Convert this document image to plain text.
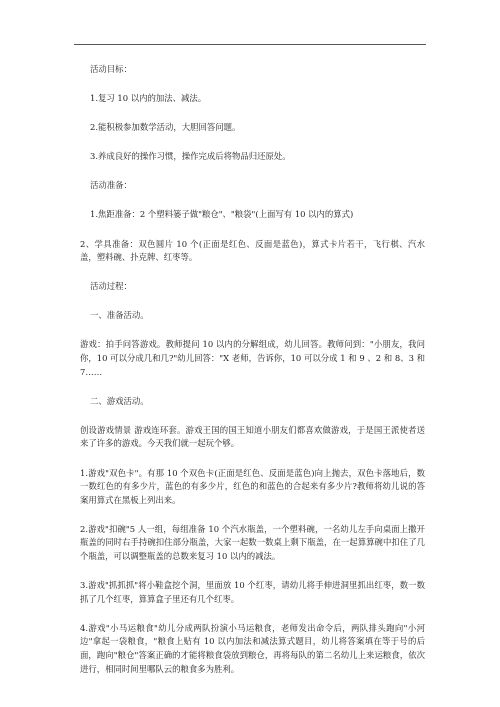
活动目标：

1.复习 10 以内的加法、减法。

2.能积极参加数学活动，大胆回答问题。

3.养成良好的操作习惯，操作完成后将物品归还原处。

活动准备：

1.焦距准备：2 个塑料篓子做"粮仓"、"粮袋"(上面写有 10 以内的算式)

2、学具准备：双色圆片 10 个(正面是红色、反面是蓝色)，算式卡片若干，飞行棋、汽水盖，塑料碗、扑克牌、红枣等。

活动过程：

一、准备活动。

游戏：拍手问答游戏。教师提问 10 以内的分解组成，幼儿回答。教师问到："小朋友，我问你，10 可以分成几和几?"幼儿回答："X 老师，告诉你，10 可以分成 1 和 9 、2 和 8、3 和 7……

二、游戏活动。

创设游戏情景 游戏连环套。游戏王国的国王知道小朋友们都喜欢做游戏，于是国王派使者送来了许多的游戏。今天我们就一起玩个够。

1.游戏"双色卡"。有那 10 个双色卡(正面是红色、反面是蓝色)向上抛去，双色卡落地后，数一数红色的有多少片，蓝色的有多少片，红色的和蓝色的合起来有多少片?教师将幼儿说的答案用算式在黑板上列出来。

2.游戏"扣碗"5 人一组，每组准备 10 个汽水瓶盖，一个塑料碗，一名幼儿左手向桌面上撒开瓶盖的同时右手持碗扣住部分瓶盖，大家一起数一数桌上剩下瓶盖，在一起算算碗中扣住了几个瓶盖，可以调整瓶盖的总数来复习 10 以内的减法。

3.游戏"抓抓抓"将小鞋盒挖个洞，里面放 10 个红枣，请幼儿将手伸进洞里抓出红枣，数一数抓了几个红枣，算算盒子里还有几个红枣。

4.游戏"小马运粮食"幼儿分成两队扮演小马运粮食，老师发出命令后，两队排头跑向"小河边"拿起一袋粮食，"粮食上贴有 10 以内加法和减法算式题目，幼儿将答案填在等于号的后面，跑向"粮仓"答案正确的才能将粮食袋放到粮仓，再将每队的第二名幼儿上来运粮食，依次进行，相同时间里哪队云的粮食多为胜利。
